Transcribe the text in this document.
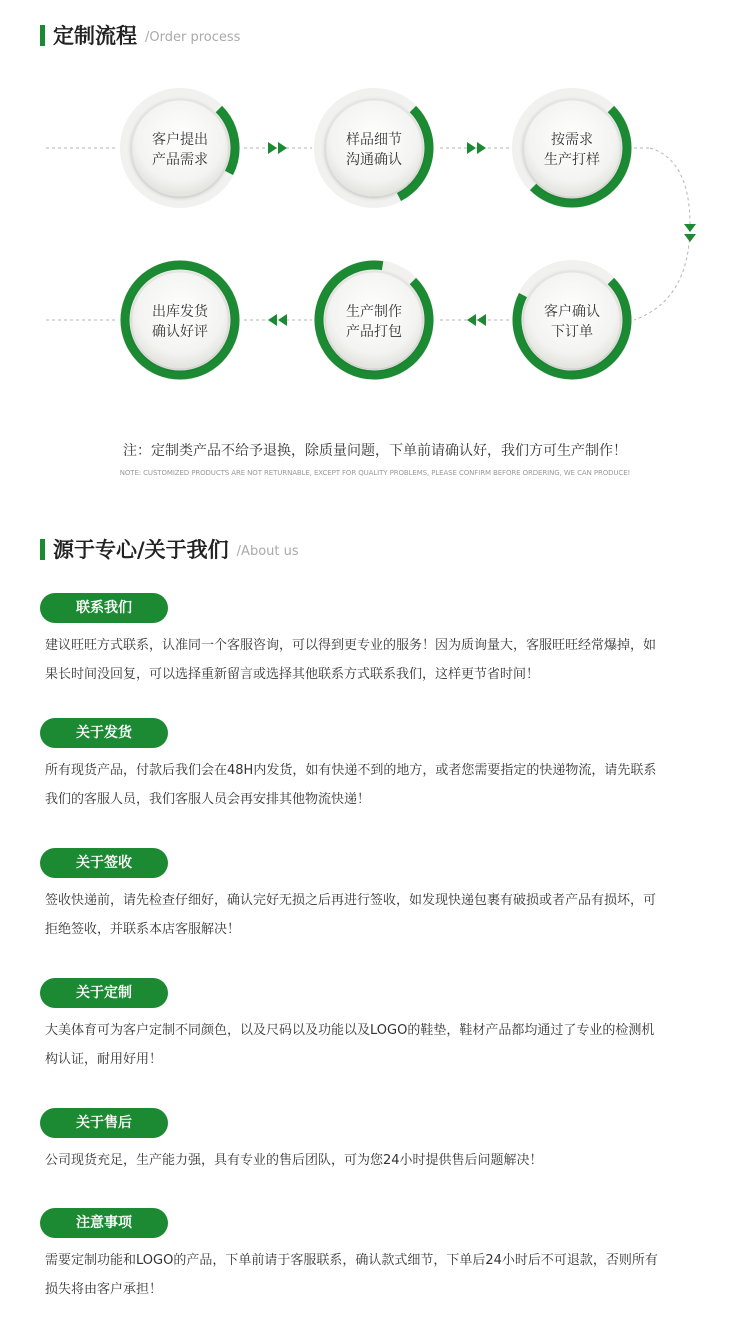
定制流程 /Order process
客户提出
产品需求
样品细节
沟通确认
按需求
生产打样
客户确认
下订单
生产制作
产品打包
出库发货
确认好评
注：定制类产品不给予退换，除质量问题，下单前请确认好，我们方可生产制作！
NOTE: CUSTOMIZED PRODUCTS ARE NOT RETURNABLE, EXCEPT FOR QUALITY PROBLEMS, PLEASE CONFIRM BEFORE ORDERING, WE CAN PRODUCE!
源于专心/关于我们 /About us
联系我们
建议旺旺方式联系，认准同一个客服咨询，可以得到更专业的服务！因为质询量大，客服旺旺经常爆掉，如
果长时间没回复，可以选择重新留言或选择其他联系方式联系我们，这样更节省时间！
关于发货
所有现货产品，付款后我们会在48H内发货，如有快递不到的地方，或者您需要指定的快递物流，请先联系
我们的客服人员，我们客服人员会再安排其他物流快递！
关于签收
签收快递前，请先检查仔细好，确认完好无损之后再进行签收，如发现快递包裹有破损或者产品有损坏，可
拒绝签收，并联系本店客服解决！
关于定制
大美体育可为客户定制不同颜色，以及尺码以及功能以及LOGO的鞋垫，鞋材产品都均通过了专业的检测机
构认证，耐用好用！
关于售后
公司现货充足，生产能力强，具有专业的售后团队，可为您24小时提供售后问题解决！
注意事项
需要定制功能和LOGO的产品，下单前请于客服联系，确认款式细节，下单后24小时后不可退款，否则所有
损失将由客户承担！
